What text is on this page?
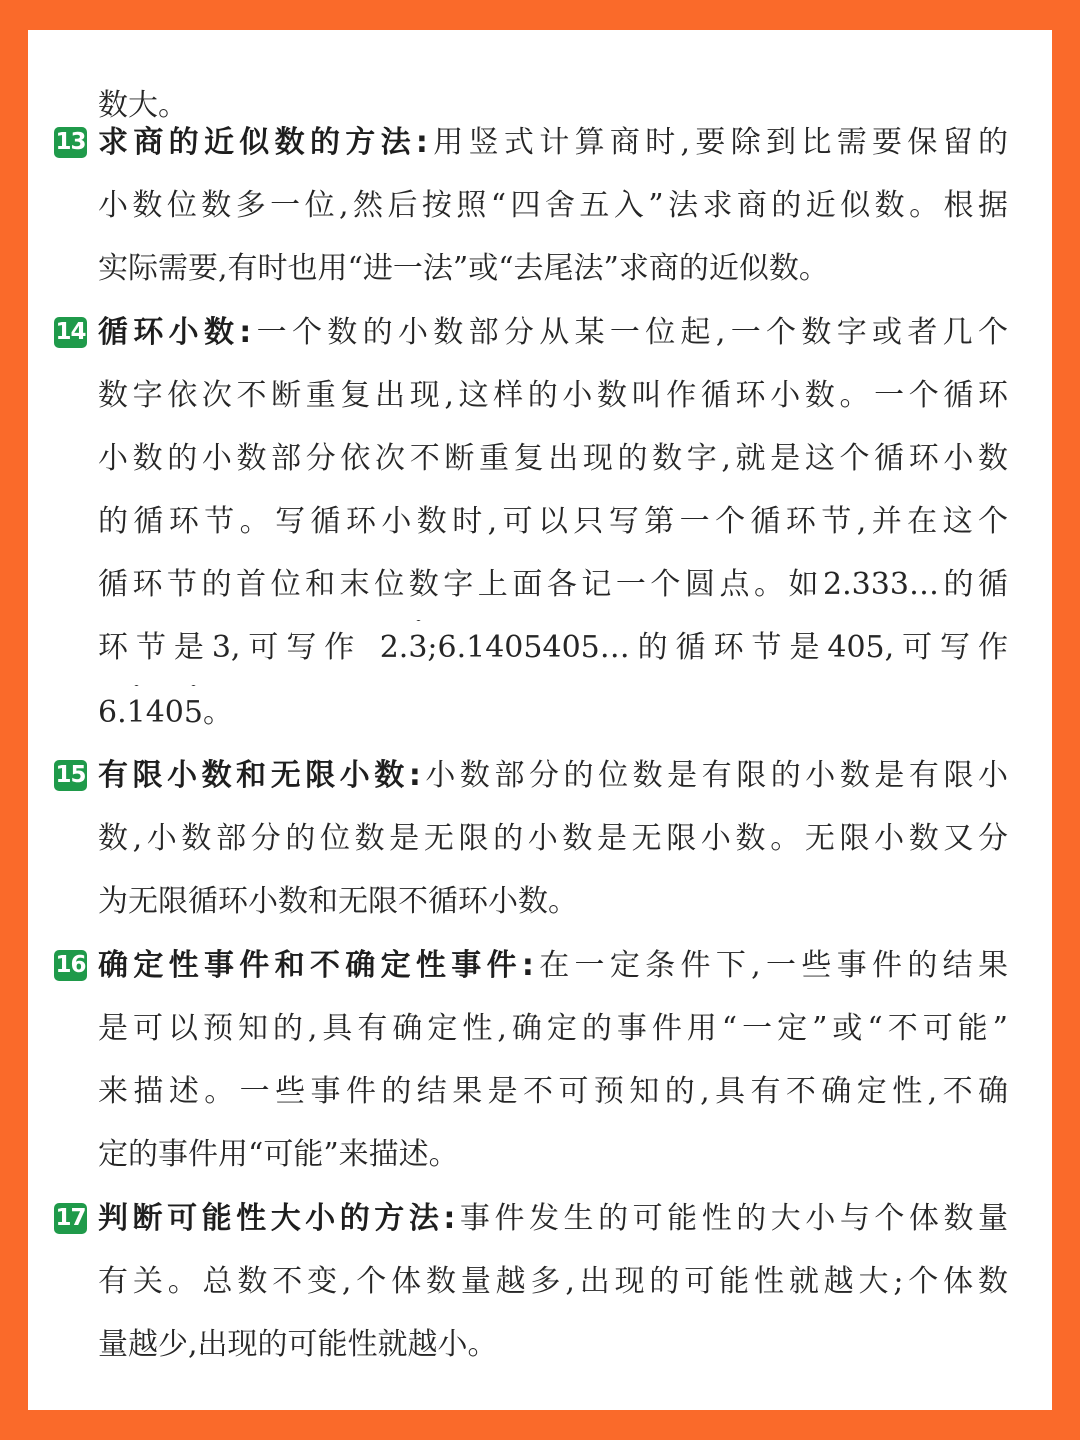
数大。
13 求商的近似数的方法:用竖式计算商时,要除到比需要保留的
小数位数多一位,然后按照“四舍五入”法求商的近似数。根据
实际需要,有时也用“进一法”或“去尾法”求商的近似数。
14 循环小数:一个数的小数部分从某一位起,一个数字或者几个
数字依次不断重复出现,这样的小数叫作循环小数。一个循环
小数的小数部分依次不断重复出现的数字,就是这个循环小数
的循环节。写循环小数时,可以只写第一个循环节,并在这个
循环节的首位和末位数字上面各记一个圆点。如2.333…的循
环节是3,可写作 2.3;6.1405405…的循环节是405,可写作
6.1405。
15 有限小数和无限小数:小数部分的位数是有限的小数是有限小
数,小数部分的位数是无限的小数是无限小数。无限小数又分
为无限循环小数和无限不循环小数。
16 确定性事件和不确定性事件:在一定条件下,一些事件的结果
是可以预知的,具有确定性,确定的事件用“一定”或“不可能”
来描述。一些事件的结果是不可预知的,具有不确定性,不确
定的事件用“可能”来描述。
17 判断可能性大小的方法:事件发生的可能性的大小与个体数量
有关。总数不变,个体数量越多,出现的可能性就越大;个体数
量越少,出现的可能性就越小。
